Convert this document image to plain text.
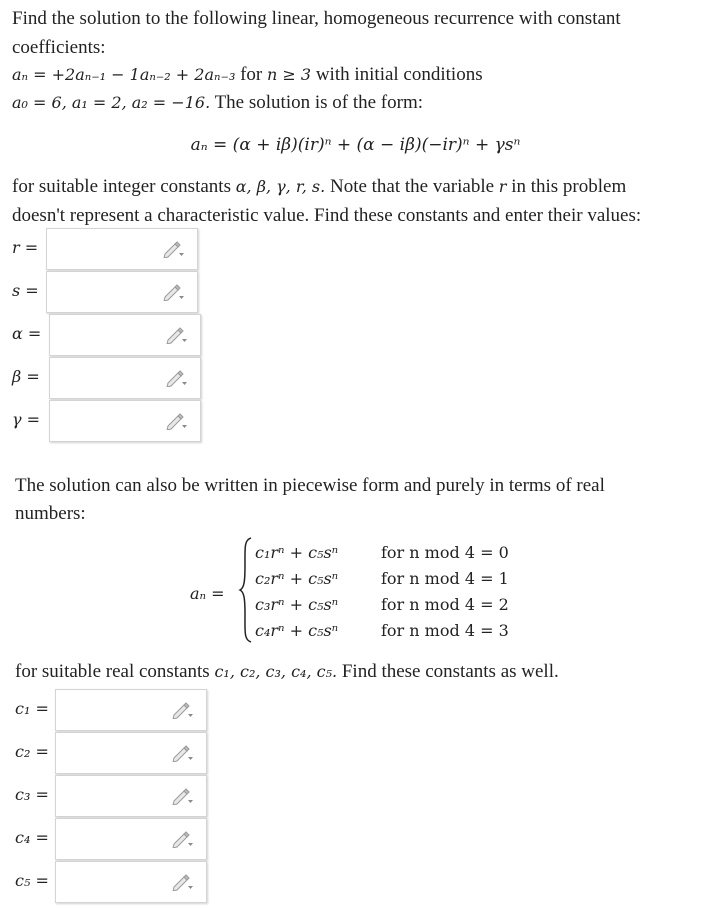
Find the solution to the following linear, homogeneous recurrence with constant
coefficients:
aₙ = +2aₙ₋₁ − 1aₙ₋₂ + 2aₙ₋₃ for n ≥ 3 with initial conditions
a₀ = 6, a₁ = 2, a₂ = −16. The solution is of the form:
aₙ = (α + iβ)(ir)ⁿ + (α − iβ)(−ir)ⁿ + γsⁿ
for suitable integer constants α, β, γ, r, s. Note that the variable r in this problem
doesn't represent a characteristic value. Find these constants and enter their values:
r =
s =
α =
β =
γ =
The solution can also be written in piecewise form and purely in terms of real
numbers:
aₙ =
c₁rⁿ + c₅sⁿ	for n mod 4 = 0
c₂rⁿ + c₅sⁿ	for n mod 4 = 1
c₃rⁿ + c₅sⁿ	for n mod 4 = 2
c₄rⁿ + c₅sⁿ	for n mod 4 = 3
for suitable real constants c₁, c₂, c₃, c₄, c₅. Find these constants as well.
c₁ =
c₂ =
c₃ =
c₄ =
c₅ =
